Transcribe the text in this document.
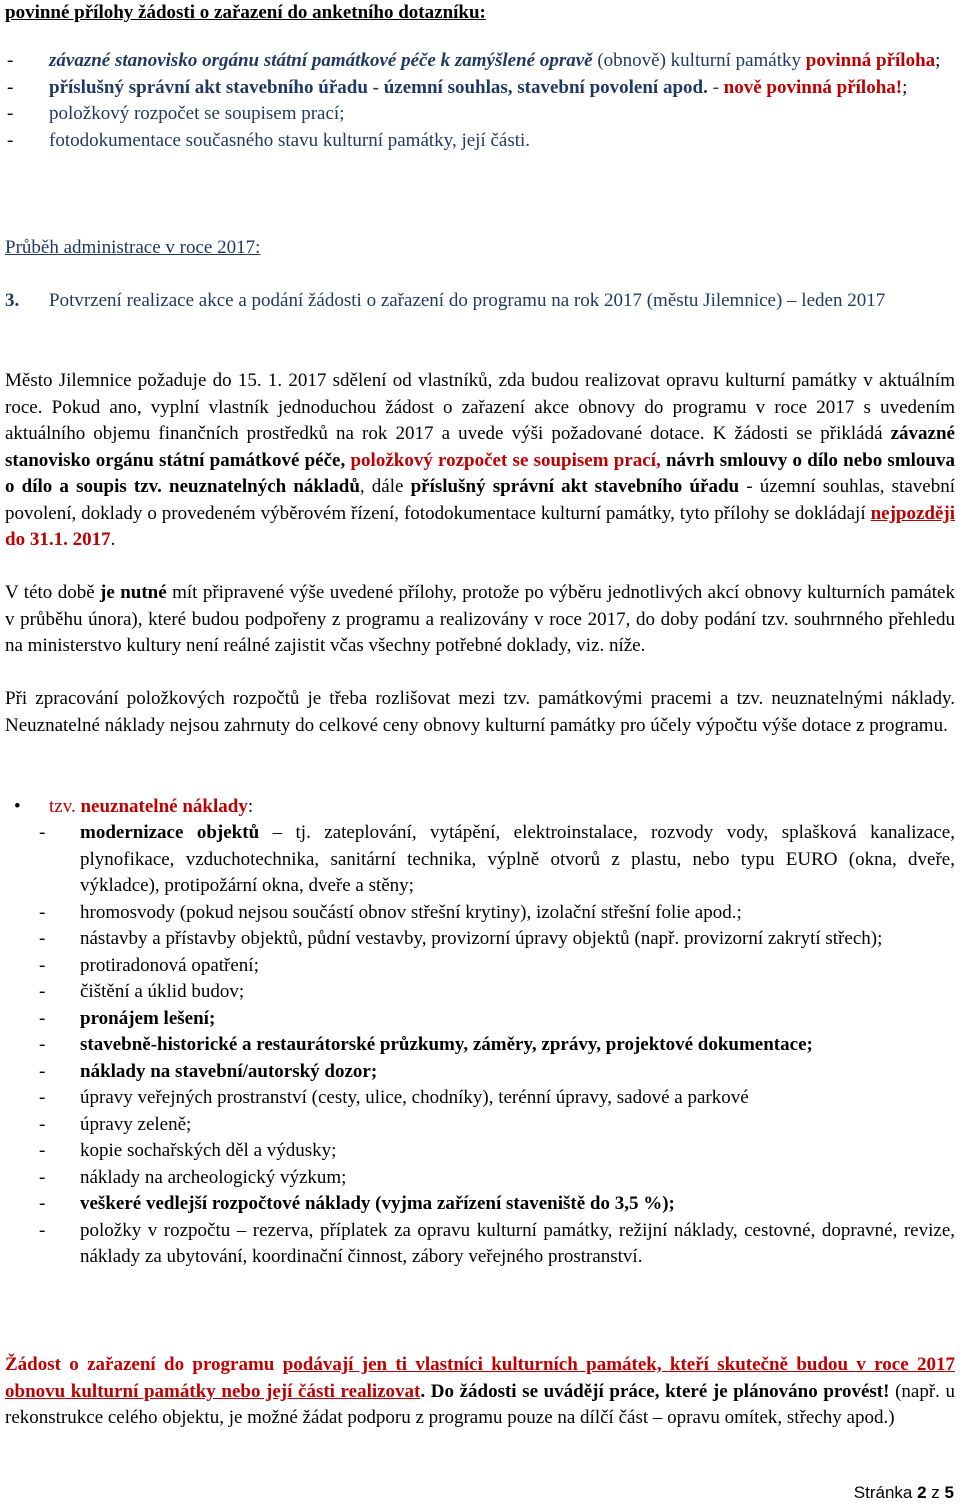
povinné přílohy žádosti o zařazení do anketního dotazníku:
- závazné stanovisko orgánu státní památkové péče k zamýšlené opravě (obnově) kulturní památky povinná příloha;
- příslušný správní akt stavebního úřadu - územní souhlas, stavební povolení apod. - nově povinná příloha!;
- položkový rozpočet se soupisem prací;
- fotodokumentace současného stavu kulturní památky, její části.
Průběh administrace v roce 2017:
3. Potvrzení realizace akce a podání žádosti o zařazení do programu na rok 2017 (městu Jilemnice) – leden 2017
Město Jilemnice požaduje do 15. 1. 2017 sdělení od vlastníků, zda budou realizovat opravu kulturní památky v aktuálním roce. Pokud ano, vyplní vlastník jednoduchou žádost o zařazení akce obnovy do programu v roce 2017 s uvedením aktuálního objemu finančních prostředků na rok 2017 a uvede výši požadované dotace. K žádosti se přikládá závazné stanovisko orgánu státní památkové péče, položkový rozpočet se soupisem prací, návrh smlouvy o dílo nebo smlouva o dílo a soupis tzv. neuznatelných nákladů, dále příslušný správní akt stavebního úřadu - územní souhlas, stavební povolení, doklady o provedeném výběrovém řízení, fotodokumentace kulturní památky, tyto přílohy se dokládají nejpozději do 31.1. 2017.
V této době je nutné mít připravené výše uvedené přílohy, protože po výběru jednotlivých akcí obnovy kulturních památek v průběhu února), které budou podpořeny z programu a realizovány v roce 2017, do doby podání tzv. souhrnného přehledu na ministerstvo kultury není reálné zajistit včas všechny potřebné doklady, viz. níže.
Při zpracování položkových rozpočtů je třeba rozlišovat mezi tzv. památkovými pracemi a tzv. neuznatelnými náklady. Neuznatelné náklady nejsou zahrnuty do celkové ceny obnovy kulturní památky pro účely výpočtu výše dotace z programu.
• tzv. neuznatelné náklady:
- modernizace objektů – tj. zateplování, vytápění, elektroinstalace, rozvody vody, splašková kanalizace, plynofikace, vzduchotechnika, sanitární technika, výplně otvorů z plastu, nebo typu EURO (okna, dveře, výkladce), protipožární okna, dveře a stěny;
- hromosvody (pokud nejsou součástí obnov střešní krytiny), izolační střešní folie apod.;
- nástavby a přístavby objektů, půdní vestavby, provizorní úpravy objektů (např. provizorní zakrytí střech);
- protiradonová opatření;
- čištění a úklid budov;
- pronájem lešení;
- stavebně-historické a restaurátorské průzkumy, záměry, zprávy, projektové dokumentace;
- náklady na stavební/autorský dozor;
- úpravy veřejných prostranství (cesty, ulice, chodníky), terénní úpravy, sadové a parkové
- úpravy zeleně;
- kopie sochařských děl a výdusky;
- náklady na archeologický výzkum;
- veškeré vedlejší rozpočtové náklady (vyjma zařízení staveniště do 3,5 %);
- položky v rozpočtu – rezerva, příplatek za opravu kulturní památky, režijní náklady, cestovné, dopravné, revize, náklady za ubytování, koordinační činnost, zábory veřejného prostranství.
Žádost o zařazení do programu podávají jen ti vlastníci kulturních památek, kteří skutečně budou v roce 2017 obnovu kulturní památky nebo její části realizovat. Do žádosti se uvádějí práce, které je plánováno provést! (např. u rekonstrukce celého objektu, je možné žádat podporu z programu pouze na dílčí část – opravu omítek, střechy apod.)
Stránka 2 z 5
